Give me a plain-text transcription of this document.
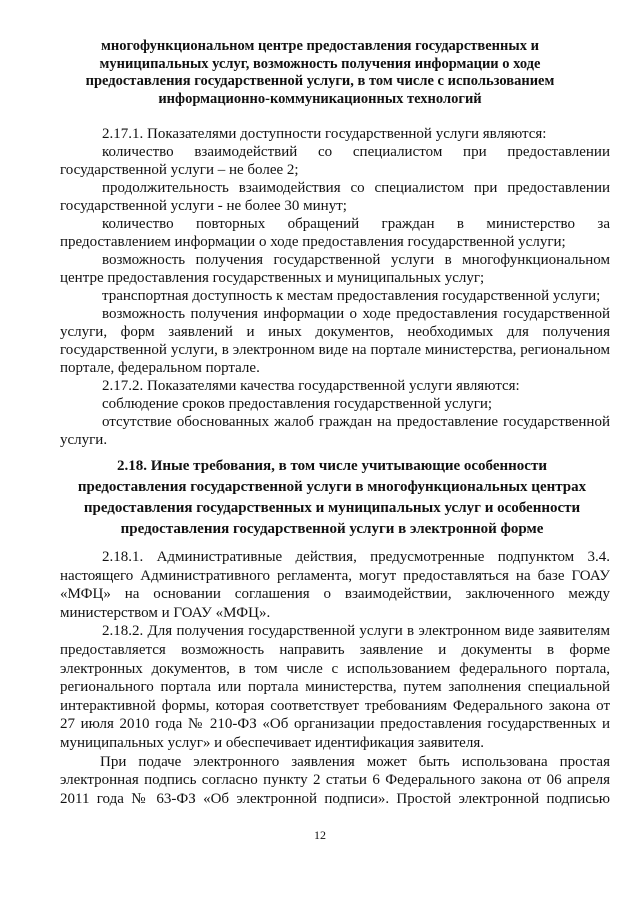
многофункциональном центре предоставления государственных и муниципальных услуг, возможность получения информации о ходе предоставления государственной услуги, в том числе с использованием информационно-коммуникационных технологий

2.17.1. Показателями доступности государственной услуги являются:

количество взаимодействий со специалистом при предоставлении государственной услуги – не более 2;

продолжительность взаимодействия со специалистом при предоставлении государственной услуги - не более 30 минут;

количество повторных обращений граждан в министерство за предоставлением информации о ходе предоставления государственной услуги;

возможность получения государственной услуги в многофункциональном центре предоставления государственных и муниципальных услуг;

транспортная доступность к местам предоставления государственной услуги;

возможность получения информации о ходе предоставления государственной услуги, форм заявлений и иных документов, необходимых для получения государственной услуги, в электронном виде на портале министерства, региональном портале, федеральном портале.

2.17.2. Показателями качества государственной услуги являются:

соблюдение сроков предоставления государственной услуги;

отсутствие обоснованных жалоб граждан на предоставление государственной услуги.

2.18. Иные требования, в том числе учитывающие особенности предоставления государственной услуги в многофункциональных центрах предоставления государственных и муниципальных услуг и особенности предоставления государственной услуги в электронной форме

2.18.1. Административные действия, предусмотренные подпунктом 3.4. настоящего Административного регламента, могут предоставляться на базе ГОАУ «МФЦ» на основании соглашения о взаимодействии, заключенного между министерством и ГОАУ «МФЦ».

2.18.2. Для получения государственной услуги в электронном виде заявителям предоставляется возможность направить заявление и документы в форме электронных документов, в том числе с использованием федерального портала, регионального портала или портала министерства, путем заполнения специальной интерактивной формы, которая соответствует требованиям Федерального закона от 27 июля 2010 года № 210-ФЗ «Об организации предоставления государственных и муниципальных услуг» и обеспечивает идентификация заявителя.

При подаче электронного заявления может быть использована простая электронная подпись согласно пункту 2 статьи 6 Федерального закона от 06 апреля 2011 года № 63-ФЗ «Об электронной подписи». Простой электронной подписью

12
